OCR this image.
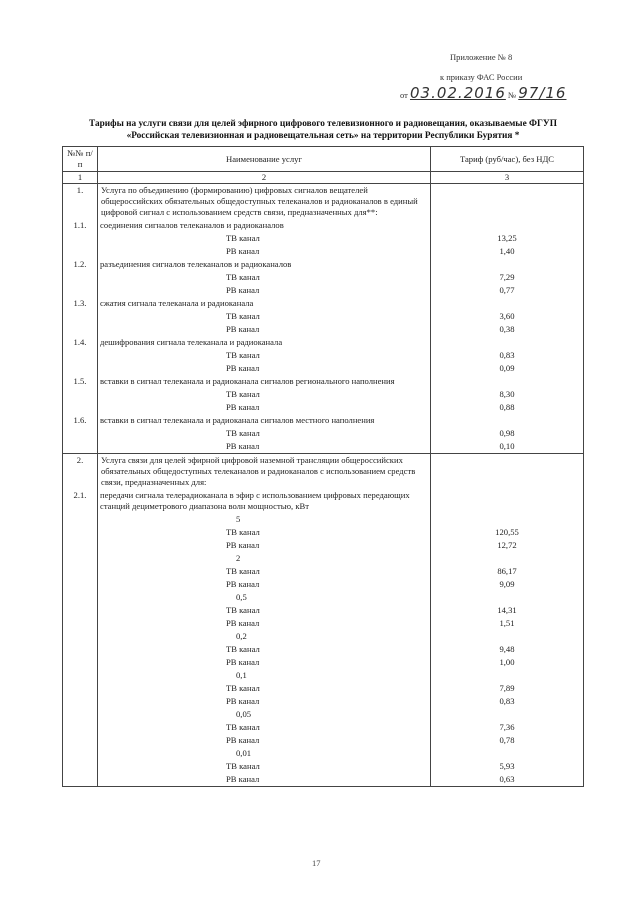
Приложение № 8
к приказу ФАС России
от 03.02.2016 № 97/16
Тарифы на услуги связи для целей эфирного цифрового телевизионного и радиовещания, оказываемые ФГУП
«Российская телевизионная и радиовещательная сеть» на территории Республики Бурятия *
№№ п/п	Наименование услуг	Тариф (руб/час), без НДС
1	2	3
1.	Услуга по объединению (формированию) цифровых сигналов вещателей общероссийских обязательных общедоступных телеканалов и радиоканалов в единый цифровой сигнал с использованием средств связи, предназначенных для**:	
1.1.	соединения сигналов телеканалов и радиоканалов	
	ТВ канал	13,25
	РВ канал	1,40
1.2.	разъединения сигналов телеканалов и радиоканалов	
	ТВ канал	7,29
	РВ канал	0,77
1.3.	сжатия сигнала телеканала и радиоканала	
	ТВ канал	3,60
	РВ канал	0,38
1.4.	дешифрования сигнала телеканала и радиоканала	
	ТВ канал	0,83
	РВ канал	0,09
1.5.	вставки в сигнал телеканала и радиоканала сигналов регионального наполнения	
	ТВ канал	8,30
	РВ канал	0,88
1.6.	вставки в сигнал телеканала и радиоканала сигналов местного наполнения	
	ТВ канал	0,98
	РВ канал	0,10
2.	Услуга связи для целей эфирной цифровой наземной трансляции общероссийских обязательных общедоступных телеканалов и радиоканалов с использованием средств связи, предназначенных для:	
2.1.	передачи сигнала телерадиоканала в эфир с использованием цифровых передающих станций дециметрового диапазона волн мощностью, кВт	
	5	
	ТВ канал	120,55
	РВ канал	12,72
	2	
	ТВ канал	86,17
	РВ канал	9,09
	0,5	
	ТВ канал	14,31
	РВ канал	1,51
	0,2	
	ТВ канал	9,48
	РВ канал	1,00
	0,1	
	ТВ канал	7,89
	РВ канал	0,83
	0,05	
	ТВ канал	7,36
	РВ канал	0,78
	0,01	
	ТВ канал	5,93
	РВ канал	0,63
17
